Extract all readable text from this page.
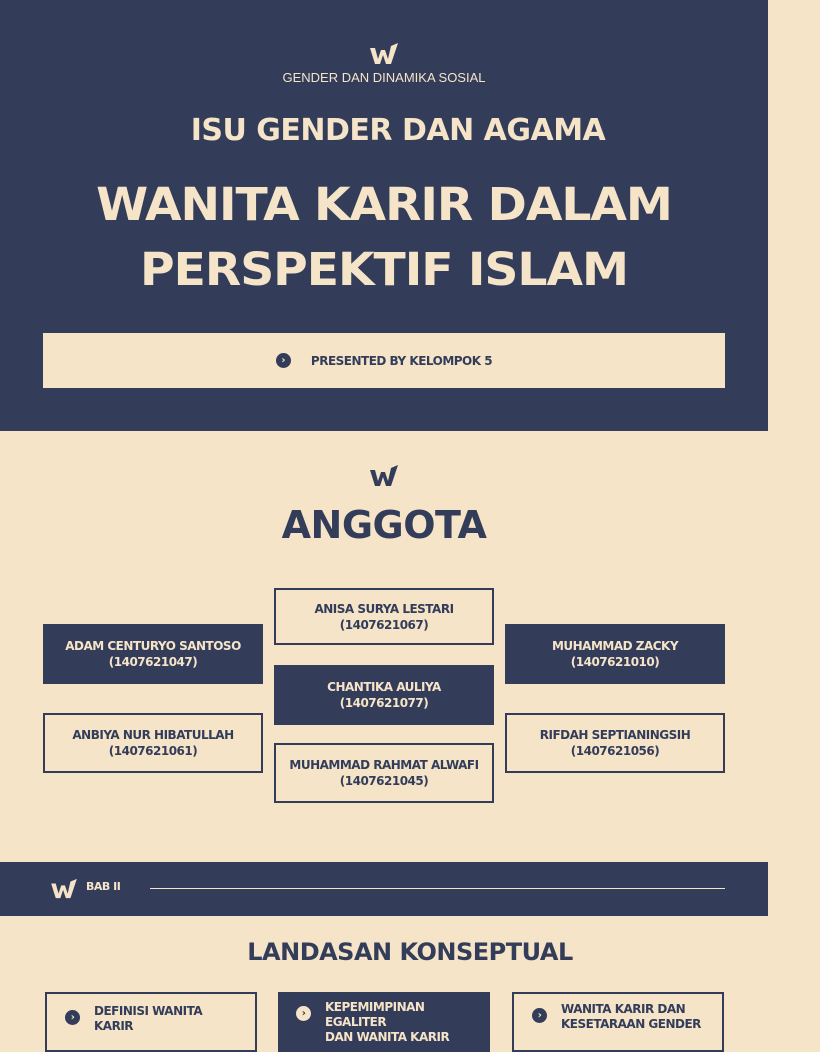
GENDER DAN DINAMIKA SOSIAL
ISU GENDER DAN AGAMA
WANITA KARIR DALAM
PERSPEKTIF ISLAM
›	PRESENTED BY KELOMPOK 5
ANGGOTA
ANISA SURYA LESTARI
(1407621067)
ADAM CENTURYO SANTOSO
(1407621047)
MUHAMMAD ZACKY
(1407621010)
CHANTIKA AULIYA
(1407621077)
ANBIYA NUR HIBATULLAH
(1407621061)
RIFDAH SEPTIANINGSIH
(1407621056)
MUHAMMAD RAHMAT ALWAFI
(1407621045)
BAB II
LANDASAN KONSEPTUAL
›	DEFINISI WANITA
KARIR
›	KEPEMIMPINAN EGALITER
DAN WANITA KARIR
›	WANITA KARIR DAN
KESETARAAN GENDER
